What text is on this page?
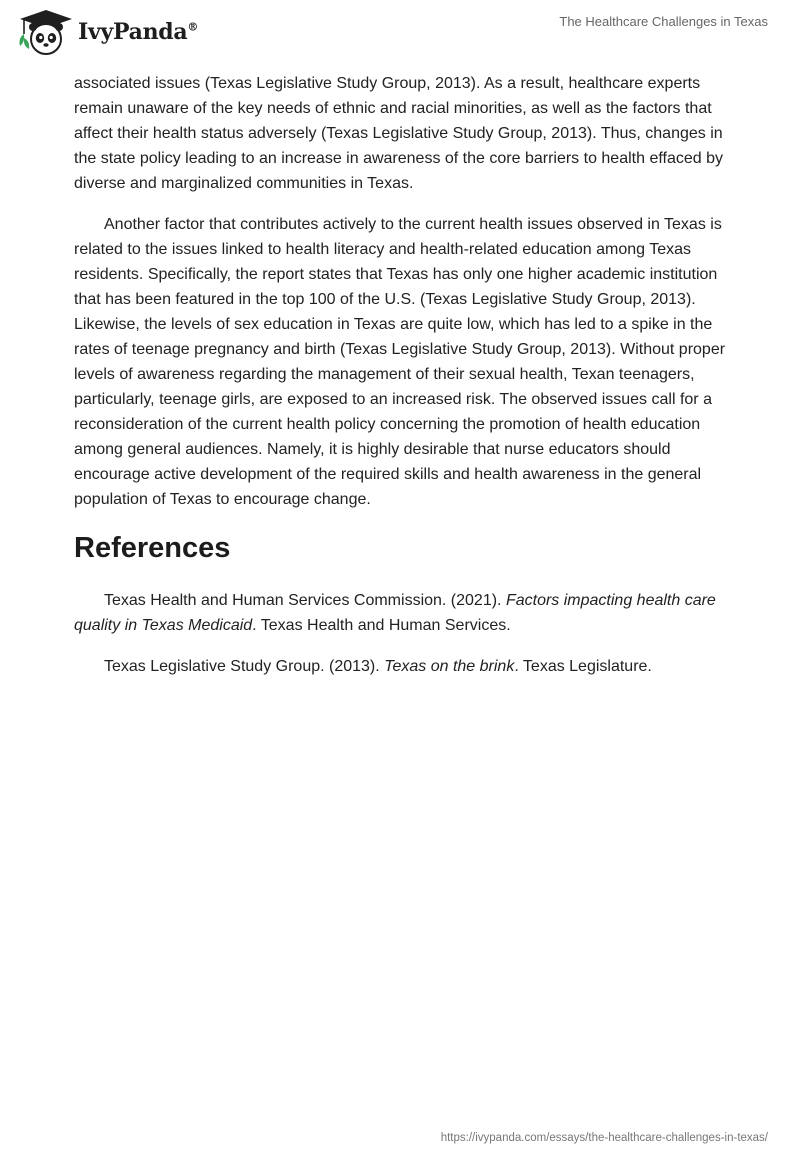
IvyPanda®	The Healthcare Challenges in Texas

associated issues (Texas Legislative Study Group, 2013). As a result, healthcare experts remain unaware of the key needs of ethnic and racial minorities, as well as the factors that affect their health status adversely (Texas Legislative Study Group, 2013). Thus, changes in the state policy leading to an increase in awareness of the core barriers to health effaced by diverse and marginalized communities in Texas.

Another factor that contributes actively to the current health issues observed in Texas is related to the issues linked to health literacy and health-related education among Texas residents. Specifically, the report states that Texas has only one higher academic institution that has been featured in the top 100 of the U.S. (Texas Legislative Study Group, 2013). Likewise, the levels of sex education in Texas are quite low, which has led to a spike in the rates of teenage pregnancy and birth (Texas Legislative Study Group, 2013). Without proper levels of awareness regarding the management of their sexual health, Texan teenagers, particularly, teenage girls, are exposed to an increased risk. The observed issues call for a reconsideration of the current health policy concerning the promotion of health education among general audiences. Namely, it is highly desirable that nurse educators should encourage active development of the required skills and health awareness in the general population of Texas to encourage change.

References

Texas Health and Human Services Commission. (2021). Factors impacting health care quality in Texas Medicaid. Texas Health and Human Services.

Texas Legislative Study Group. (2013). Texas on the brink. Texas Legislature.

https://ivypanda.com/essays/the-healthcare-challenges-in-texas/
